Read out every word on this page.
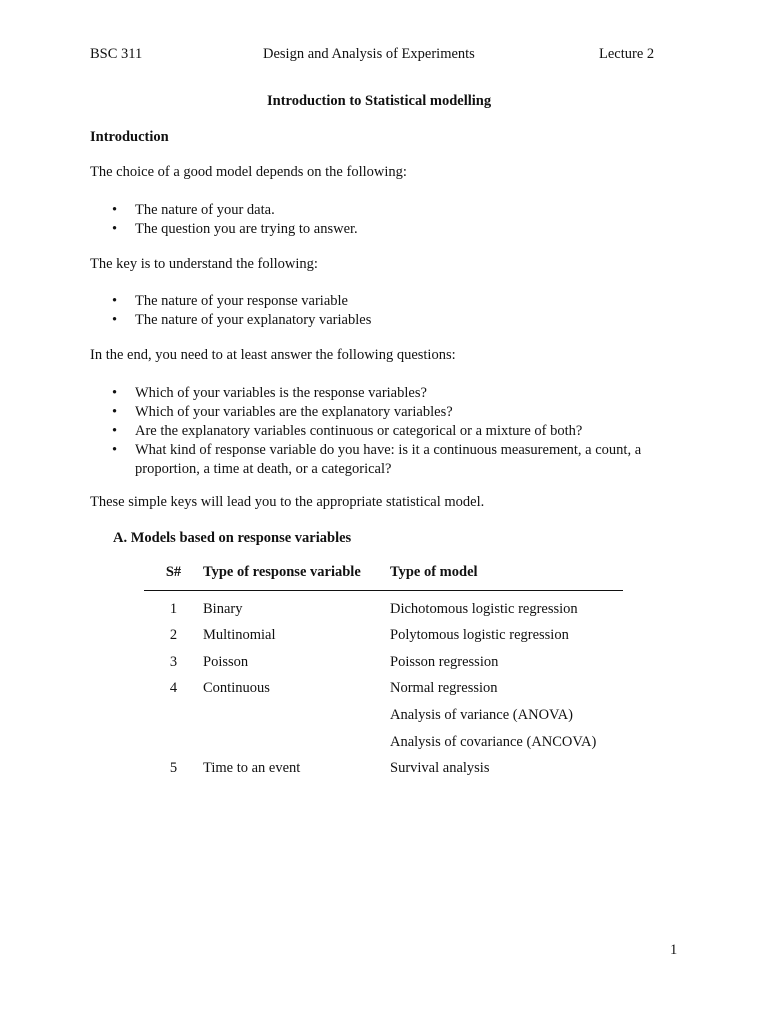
BSC 311	Design and Analysis of Experiments	Lecture 2
Introduction to Statistical modelling
Introduction
The choice of a good model depends on the following:
• The nature of your data.
• The question you are trying to answer.
The key is to understand the following:
• The nature of your response variable
• The nature of your explanatory variables
In the end, you need to at least answer the following questions:
• Which of your variables is the response variables?
• Which of your variables are the explanatory variables?
• Are the explanatory variables continuous or categorical or a mixture of both?
• What kind of response variable do you have: is it a continuous measurement, a count, a proportion, a time at death, or a categorical?
These simple keys will lead you to the appropriate statistical model.
A. Models based on response variables
S#	Type of response variable	Type of model
1	Binary	Dichotomous logistic regression
2	Multinomial	Polytomous logistic regression
3	Poisson	Poisson regression
4	Continuous	Normal regression
		Analysis of variance (ANOVA)
		Analysis of covariance (ANCOVA)
5	Time to an event	Survival analysis
1
